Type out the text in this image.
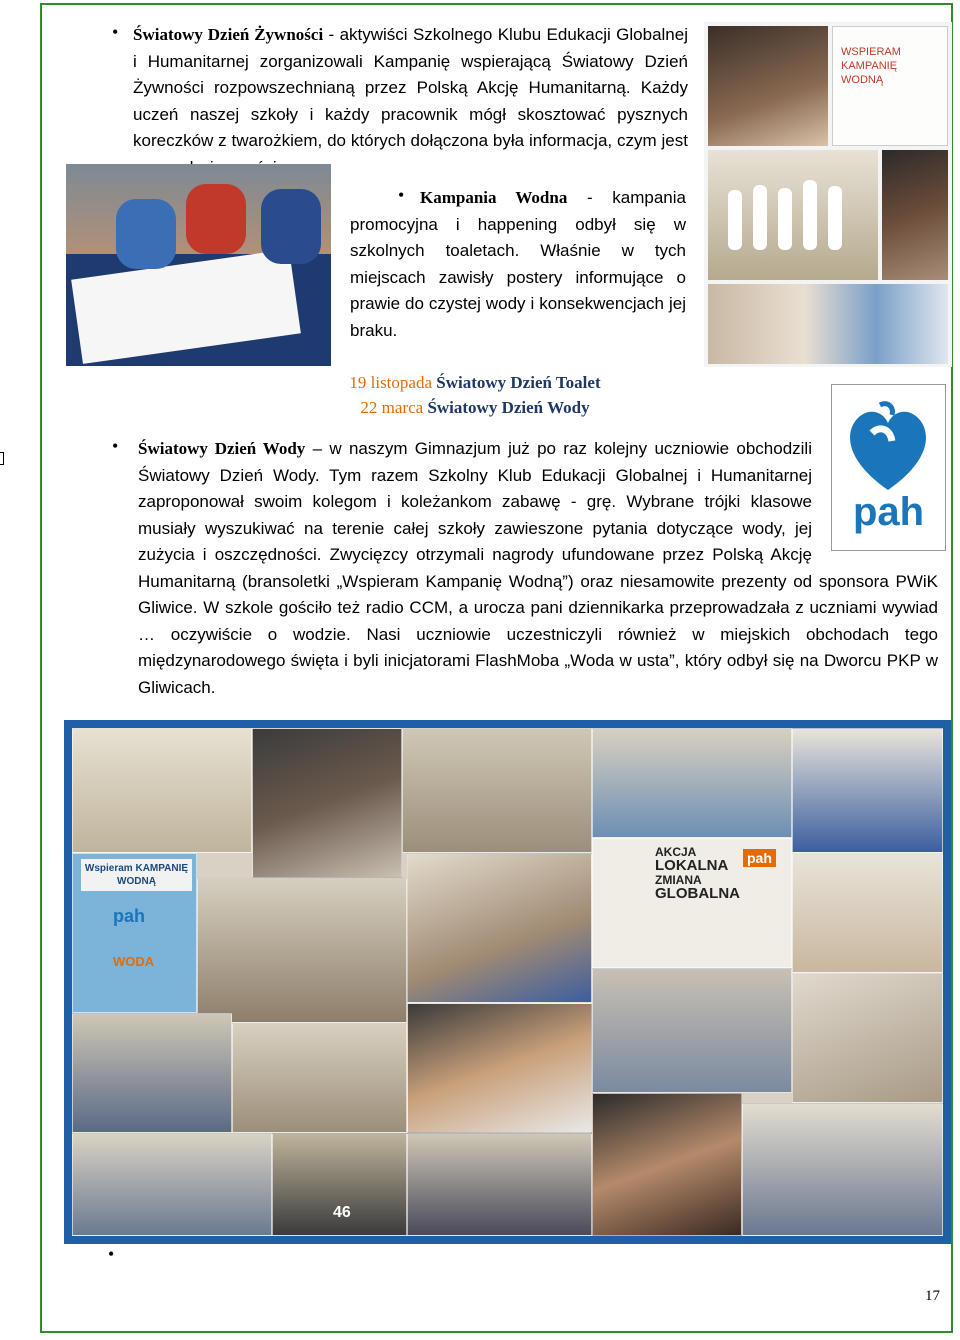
• Światowy Dzień Żywności - aktywiści Szkolnego Klubu Edukacji Globalnej i Humanitarnej zorganizowali Kampanię wspierającą Światowy Dzień Żywności rozpowszechnianą przez Polską Akcję Humanitarną. Każdy uczeń naszej szkoły i każdy pracownik mógł skosztować pysznych koreczków z twarożkiem, do których dołączona była informacja, czym jest
WSPIERAM KAMPANIĘ WODNĄ
• Kampania Wodna - kampania promocyjna i happening odbył się w szkolnych toaletach. Właśnie w tych miejscach zawisły postery informujące o prawie do czystej wody i konsekwencjach jej braku.
19 listopada Światowy Dzień Toalet
22 marca Światowy Dzień Wody
pah
• Światowy Dzień Wody – w naszym Gimnazjum już po raz kolejny uczniowie obchodzili Światowy Dzień Wody. Tym razem Szkolny Klub Edukacji Globalnej i Humanitarnej zaproponował swoim kolegom i koleżankom zabawę - grę. Wybrane trójki klasowe musiały wyszukiwać na terenie całej szkoły zawieszone pytania dotyczące wody, jej zużycia i oszczędności. Zwycięzcy otrzymali nagrody ufundowane przez Polską Akcję Humanitarną (bransoletki „Wspieram Kampanię Wodną”) oraz niesamowite prezenty od sponsora PWiK Gliwice. W szkole gościło też radio CCM, a urocza pani dziennikarka przeprowadzała z uczniami wywiad … oczywiście o wodzie. Nasi uczniowie uczestniczyli również w miejskich obchodach tego międzynarodowego święta i byli inicjatorami FlashMoba „Woda w usta”, który odbył się na Dworcu PKP w Gliwicach.
Wspieram KAMPANIĘ WODNĄ
pah
WODA
AKCJA
LOKALNA
ZMIANA
GLOBALNA
pah
46
•
17
